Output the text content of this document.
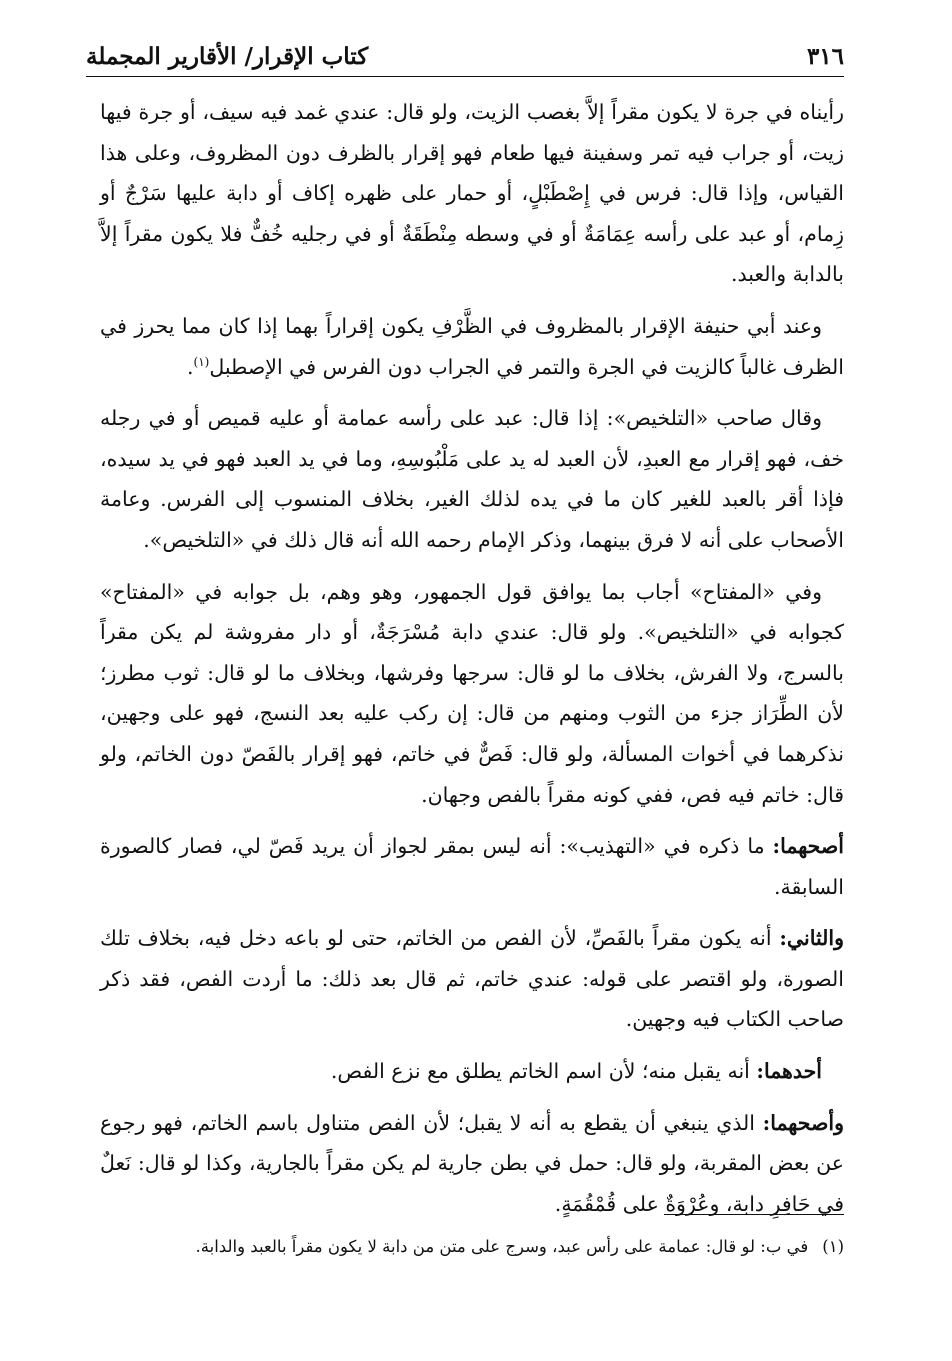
٣١٦
كتاب الإقرار/ الأقارير المجملة

رأيناه في جرة لا يكون مقراً إلاَّ بغصب الزيت، ولو قال: عندي غمد فيه سيف، أو جرة فيها زيت، أو جراب فيه تمر وسفينة فيها طعام فهو إقرار بالظرف دون المظروف، وعلى هذا القياس، وإذا قال: فرس في إِصْطَبْلٍ، أو حمار على ظهره إكاف أو دابة عليها سَرْجٌ أو زِمام، أو عبد على رأسه عِمَامَةٌ أو في وسطه مِنْطَقَةٌ أو في رجليه خُفٌّ فلا يكون مقراً إلاَّ بالدابة والعبد.

وعند أبي حنيفة الإقرار بالمظروف في الظَّرْفِ يكون إقراراً بهما إذا كان مما يحرز في الظرف غالباً كالزيت في الجرة والتمر في الجراب دون الفرس في الإصطبل$^{(١)}$.

وقال صاحب «التلخيص»: إذا قال: عبد على رأسه عمامة أو عليه قميص أو في رجله خف، فهو إقرار مع العبدِ، لأن العبد له يد على مَلْبُوسِهِ، وما في يد العبد فهو في يد سيده، فإذا أقر بالعبد للغير كان ما في يده لذلك الغير، بخلاف المنسوب إلى الفرس. وعامة الأصحاب على أنه لا فرق بينهما، وذكر الإمام رحمه الله أنه قال ذلك في «التلخيص».

وفي «المفتاح» أجاب بما يوافق قول الجمهور، وهو وهم، بل جوابه في «المفتاح» كجوابه في «التلخيص». ولو قال: عندي دابة مُسْرَجَةٌ، أو دار مفروشة لم يكن مقراً بالسرج، ولا الفرش، بخلاف ما لو قال: سرجها وفرشها، وبخلاف ما لو قال: ثوب مطرز؛ لأن الطِّرَاز جزء من الثوب ومنهم من قال: إن ركب عليه بعد النسج، فهو على وجهين، نذكرهما في أخوات المسألة، ولو قال: فَصٌّ في خاتم، فهو إقرار بالفَصّ دون الخاتم، ولو قال: خاتم فيه فص، ففي كونه مقراً بالفص وجهان.

أصحهما: ما ذكره في «التهذيب»: أنه ليس بمقر لجواز أن يريد فَصّ لي، فصار كالصورة السابقة.

والثاني: أنه يكون مقراً بالفَصِّ، لأن الفص من الخاتم، حتى لو باعه دخل فيه، بخلاف تلك الصورة، ولو اقتصر على قوله: عندي خاتم، ثم قال بعد ذلك: ما أردت الفص، فقد ذكر صاحب الكتاب فيه وجهين.

أحدهما: أنه يقبل منه؛ لأن اسم الخاتم يطلق مع نزع الفص.

وأصحهما: الذي ينبغي أن يقطع به أنه لا يقبل؛ لأن الفص متناول باسم الخاتم، فهو رجوع عن بعض المقربة، ولو قال: حمل في بطن جارية لم يكن مقراً بالجارية، وكذا لو قال: نَعلٌ في حَافِرِ دابة، وعُرْوَةٌ على قُمْقُمَةٍ.

(١)في ب: لو قال: عمامة على رأس عبد، وسرج على متن من دابة لا يكون مقراً بالعبد والدابة.
